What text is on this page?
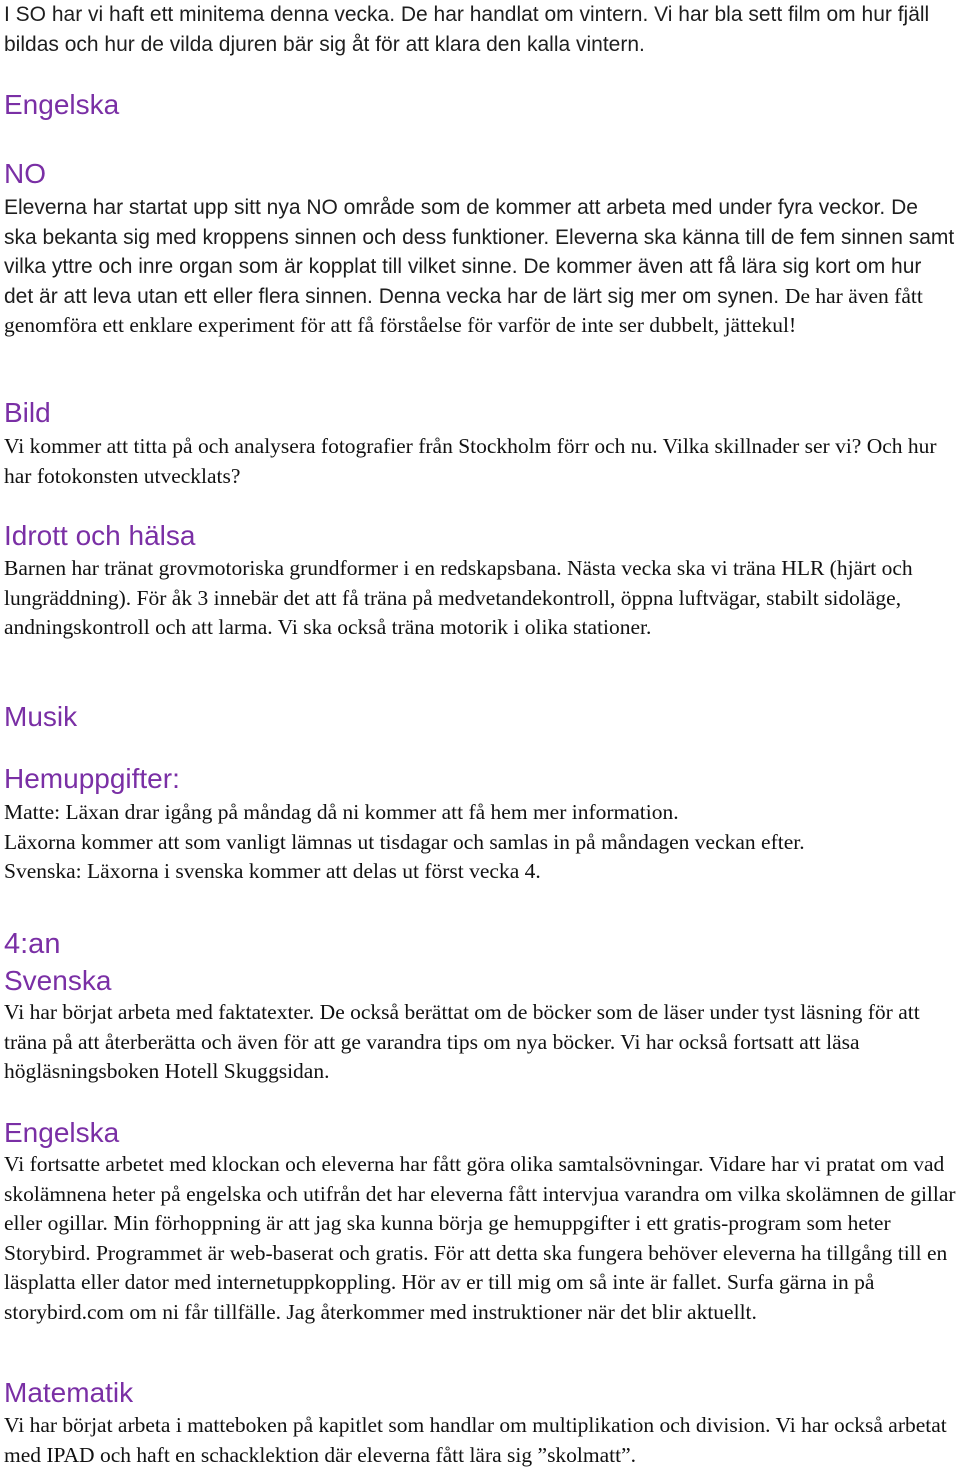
I SO har vi haft ett minitema denna vecka. De har handlat om vintern. Vi har bla sett film om hur fjäll bildas och hur de vilda djuren bär sig åt för att klara den kalla vintern.

Engelska
NO

Eleverna har startat upp sitt nya NO område som de kommer att arbeta med under fyra veckor. De ska bekanta sig med kroppens sinnen och dess funktioner. Eleverna ska känna till de fem sinnen samt vilka yttre och inre organ som är kopplat till vilket sinne. De kommer även att få lära sig kort om hur det är att leva utan ett eller flera sinnen. Denna vecka har de lärt sig mer om synen. De har även fått genomföra ett enklare experiment för att få förståelse för varför de inte ser dubbelt, jättekul!

Bild

Vi kommer att titta på och analysera fotografier från Stockholm förr och nu. Vilka skillnader ser vi? Och hur har fotokonsten utvecklats?

Idrott och hälsa

Barnen har tränat grovmotoriska grundformer i en redskapsbana. Nästa vecka ska vi träna HLR (hjärt och lungräddning). För åk 3 innebär det att få träna på medvetandekontroll, öppna luftvägar, stabilt sidoläge, andningskontroll och att larma. Vi ska också träna motorik i olika stationer.

Musik
Hemuppgifter:
Matte: Läxan drar igång på måndag då ni kommer att få hem mer information.
Läxorna kommer att som vanligt lämnas ut tisdagar och samlas in på måndagen veckan efter.
Svenska: Läxorna i svenska kommer att delas ut först vecka 4.
4:an
Svenska

Vi har börjat arbeta med faktatexter. De också berättat om de böcker som de läser under tyst läsning för att träna på att återberätta och även för att ge varandra tips om nya böcker. Vi har också fortsatt att läsa högläsningsboken Hotell Skuggsidan.

Engelska

Vi fortsatte arbetet med klockan och eleverna har fått göra olika samtalsövningar. Vidare har vi pratat om vad skolämnena heter på engelska och utifrån det har eleverna fått intervjua varandra om vilka skolämnen de gillar eller ogillar. Min förhoppning är att jag ska kunna börja ge hemuppgifter i ett gratis-program som heter Storybird. Programmet är web-baserat och gratis. För att detta ska fungera behöver eleverna ha tillgång till en läsplatta eller dator med internetuppkoppling. Hör av er till mig om så inte är fallet. Surfa gärna in på storybird.com om ni får tillfälle. Jag återkommer med instruktioner när det blir aktuellt.

Matematik

Vi har börjat arbeta i matteboken på kapitlet som handlar om multiplikation och division. Vi har också arbetat med IPAD och haft en schacklektion där eleverna fått lära sig ”skolmatt”.
